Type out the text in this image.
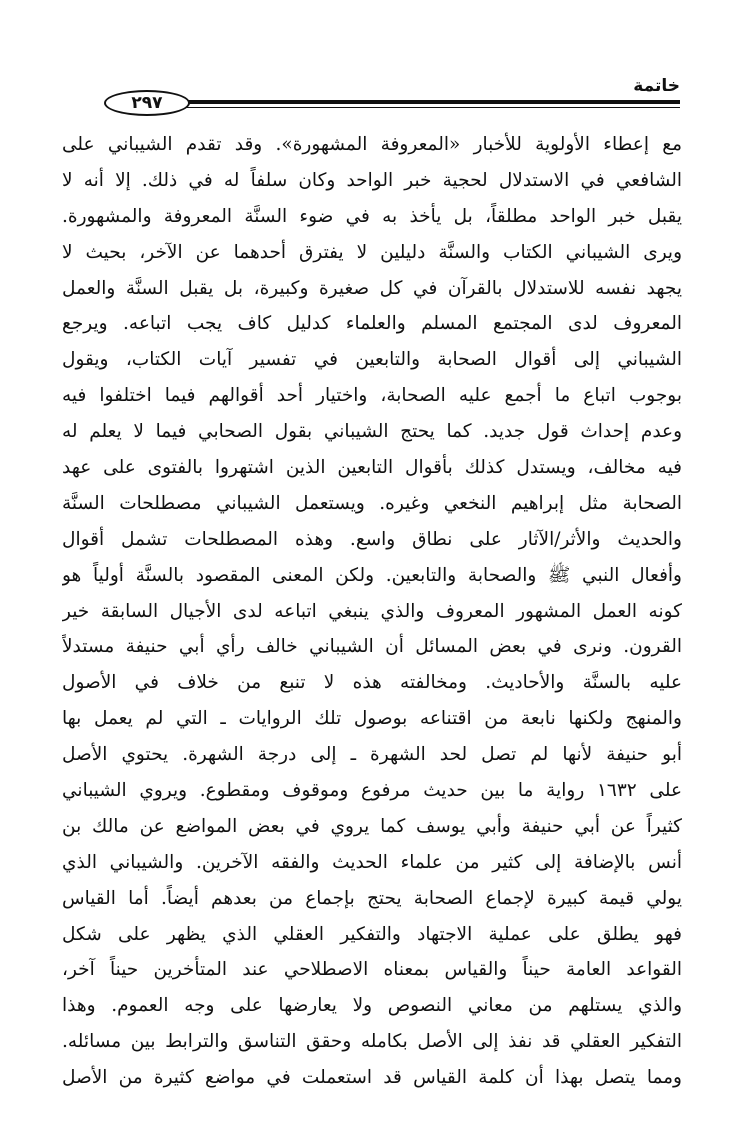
خاتمة
٢٩٧
مع إعطاء الأولوية للأخبار «المعروفة المشهورة». وقد تقدم الشيباني على
الشافعي في الاستدلال لحجية خبر الواحد وكان سلفاً له في ذلك. إلا أنه لا
يقبل خبر الواحد مطلقاً، بل يأخذ به في ضوء السنَّة المعروفة والمشهورة.
ويرى الشيباني الكتاب والسنَّة دليلين لا يفترق أحدهما عن الآخر، بحيث لا
يجهد نفسه للاستدلال بالقرآن في كل صغيرة وكبيرة، بل يقبل السنَّة والعمل
المعروف لدى المجتمع المسلم والعلماء كدليل كاف يجب اتباعه. ويرجع
الشيباني إلى أقوال الصحابة والتابعين في تفسير آيات الكتاب، ويقول
بوجوب اتباع ما أجمع عليه الصحابة، واختيار أحد أقوالهم فيما اختلفوا فيه
وعدم إحداث قول جديد. كما يحتج الشيباني بقول الصحابي فيما لا يعلم له
فيه مخالف، ويستدل كذلك بأقوال التابعين الذين اشتهروا بالفتوى على عهد
الصحابة مثل إبراهيم النخعي وغيره. ويستعمل الشيباني مصطلحات السنَّة
والحديث والأثر/الآثار على نطاق واسع. وهذه المصطلحات تشمل أقوال
وأفعال النبي ﷺ والصحابة والتابعين. ولكن المعنى المقصود بالسنَّة أولياً هو
كونه العمل المشهور المعروف والذي ينبغي اتباعه لدى الأجيال السابقة خير
القرون. ونرى في بعض المسائل أن الشيباني خالف رأي أبي حنيفة مستدلاً
عليه بالسنَّة والأحاديث. ومخالفته هذه لا تنبع من خلاف في الأصول
والمنهج ولكنها نابعة من اقتناعه بوصول تلك الروايات ـ التي لم يعمل بها
أبو حنيفة لأنها لم تصل لحد الشهرة ـ إلى درجة الشهرة. يحتوي الأصل
على ١٦٣٢ رواية ما بين حديث مرفوع وموقوف ومقطوع. ويروي الشيباني
كثيراً عن أبي حنيفة وأبي يوسف كما يروي في بعض المواضع عن مالك بن
أنس بالإضافة إلى كثير من علماء الحديث والفقه الآخرين. والشيباني الذي
يولي قيمة كبيرة لإجماع الصحابة يحتج بإجماع من بعدهم أيضاً. أما القياس
فهو يطلق على عملية الاجتهاد والتفكير العقلي الذي يظهر على شكل
القواعد العامة حيناً والقياس بمعناه الاصطلاحي عند المتأخرين حيناً آخر،
والذي يستلهم من معاني النصوص ولا يعارضها على وجه العموم. وهذا
التفكير العقلي قد نفذ إلى الأصل بكامله وحقق التناسق والترابط بين مسائله.
ومما يتصل بهذا أن كلمة القياس قد استعملت في مواضع كثيرة من الأصل
